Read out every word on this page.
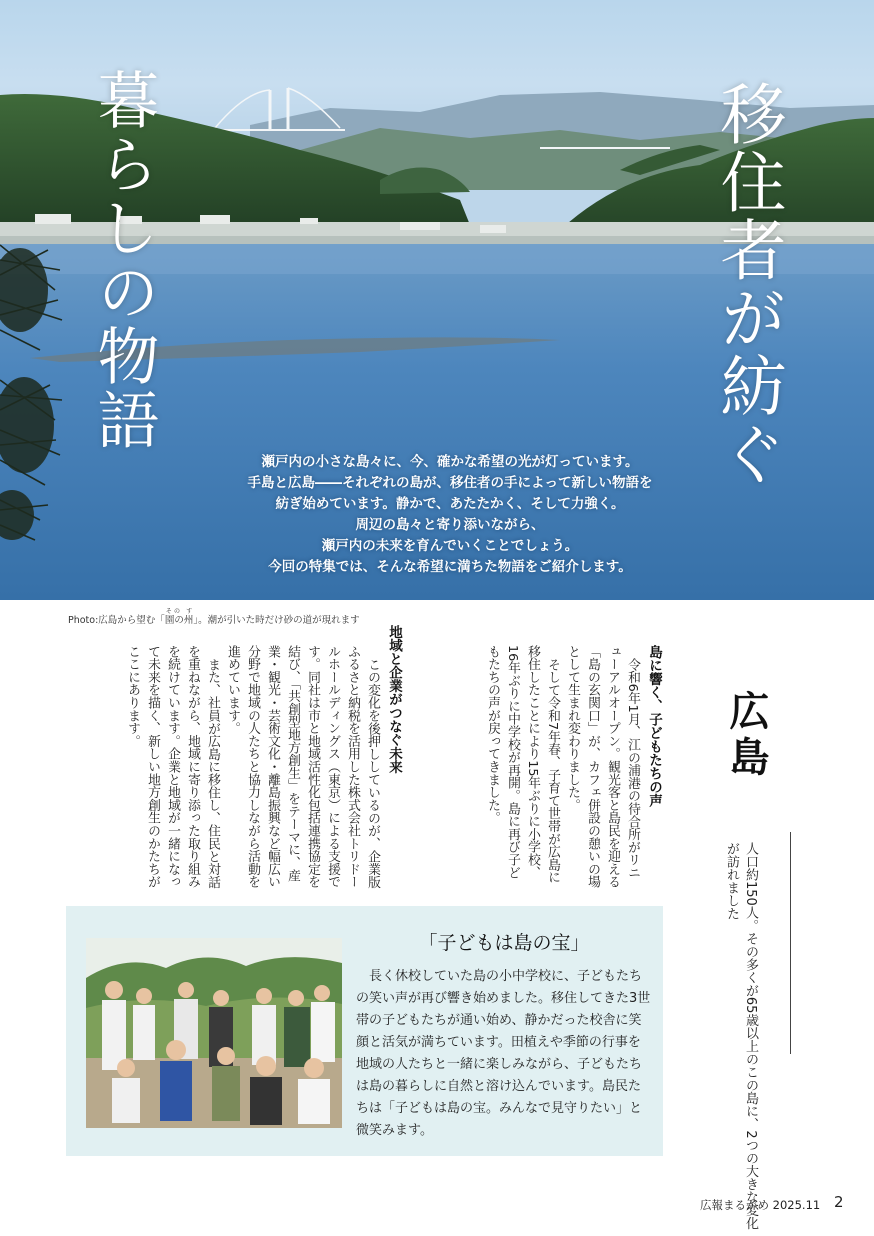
移住者が紡ぐ
暮らしの物語
瀬戸内の小さな島々に、今、確かな希望の光が灯っています。
手島と広島――それぞれの島が、移住者の手によって新しい物語を
紡ぎ始めています。静かで、あたたかく、そして力強く。
周辺の島々と寄り添いながら、
瀬戸内の未来を育んでいくことでしょう。
今回の特集では、そんな希望に満ちた物語をご紹介します。
Photo:広島から望む「園の州その す」。潮が引いた時だけ砂の道が現れます
島に響く、子どもたちの声

令和6年1月、江の浦港の待合所がリニューアルオープン。観光客と島民を迎える「島の玄関口」が、カフェ併設の憩いの場として生まれ変わりました。

そして令和7年春、子育て世帯が広島に移住したことにより15年ぶりに小学校、16年ぶりに中学校が再開。島に再び子どもたちの声が戻ってきました。

地域と企業がつなぐ未来

この変化を後押ししているのが、企業版ふるさと納税を活用した株式会社トリドールホールディングス（東京）による支援です。同社は市と地域活性化包括連携協定を結び、「共創型地方創生」をテーマに、産業・観光・芸術文化・離島振興など幅広い分野で地域の人たちと協力しながら活動を進めています。

また、社員が広島に移住し、住民と対話を重ねながら、地域に寄り添った取り組みを続けています。企業と地域が一緒になって未来を描く、新しい地方創生のかたちがここにあります。	広島
人口約150人。その多くが65歳以上のこの島に、2つの大きな変化が訪れました
「子どもは島の宝」
長く休校していた島の小中学校に、子どもたちの笑い声が再び響き始めました。移住してきた3世帯の子どもたちが通い始め、静かだった校舎に笑顔と活気が満ちています。田植えや季節の行事を地域の人たちと一緒に楽しみながら、子どもたちは島の暮らしに自然と溶け込んでいます。島民たちは「子どもは島の宝。みんなで見守りたい」と微笑みます。
広報まるがめ 2025.11 2
